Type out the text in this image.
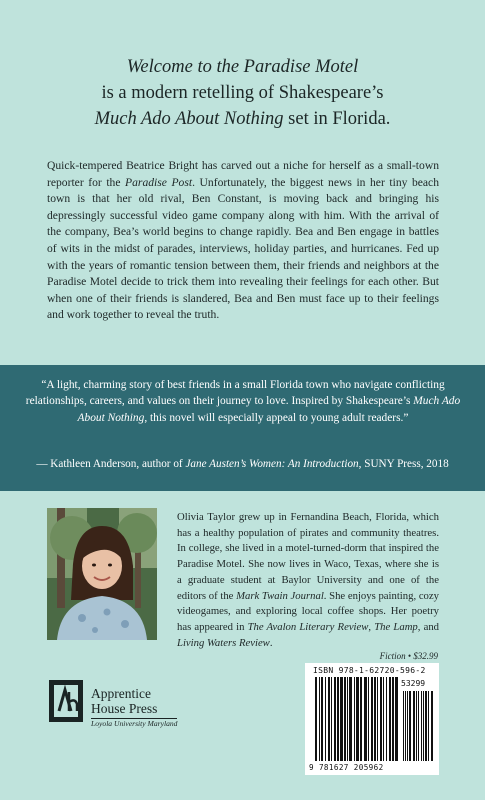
Welcome to the Paradise Motel
is a modern retelling of Shakespeare’s
Much Ado About Nothing set in Florida.
Quick-tempered Beatrice Bright has carved out a niche for herself as a small-town reporter for the Paradise Post. Unfortunately, the biggest news in her tiny beach town is that her old rival, Ben Constant, is moving back and bringing his depressingly successful video game company along with him. With the arrival of the company, Bea’s world begins to change rapidly. Bea and Ben engage in battles of wits in the midst of parades, interviews, holiday parties, and hurricanes. Fed up with the years of romantic tension between them, their friends and neighbors at the Paradise Motel decide to trick them into revealing their feelings for each other. But when one of their friends is slandered, Bea and Ben must face up to their feelings and work together to reveal the truth.
“A light, charming story of best friends in a small Florida town who navigate conflicting relationships, careers, and values on their journey to love. Inspired by Shakespeare’s Much Ado About Nothing, this novel will especially appeal to young adult readers.”
— Kathleen Anderson, author of Jane Austen’s Women: An Introduction, SUNY Press, 2018
Olivia Taylor grew up in Fernandina Beach, Florida, which has a healthy population of pirates and community theatres. In college, she lived in a motel-turned-dorm that inspired the Paradise Motel. She now lives in Waco, Texas, where she is a graduate student at Baylor University and one of the editors of the Mark Twain Journal. She enjoys painting, cozy videogames, and exploring local coffee shops. Her poetry has appeared in The Avalon Literary Review, The Lamp, and Living Waters Review.
Apprentice
House Press
Loyola University Maryland
Fiction • $32.99
ISBN 978-1-62720-596-2
53299
9 781627 205962
